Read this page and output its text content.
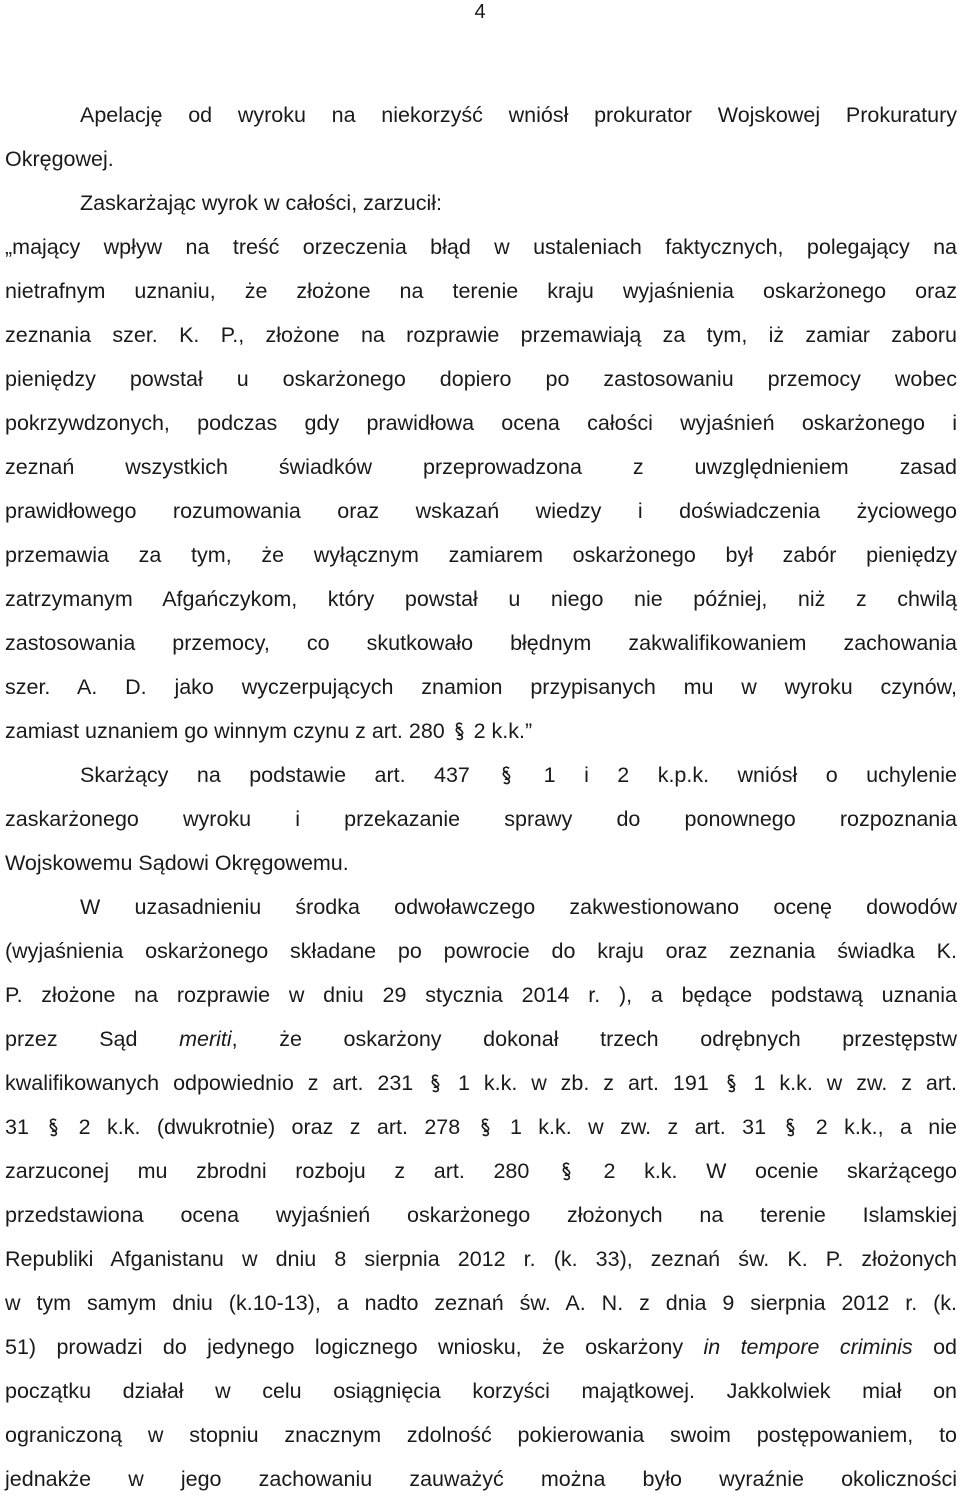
4
Apelację od wyroku na niekorzyść wniósł prokurator Wojskowej Prokuratury
Okręgowej.
Zaskarżając wyrok w całości, zarzucił:
„mający wpływ na treść orzeczenia błąd w ustaleniach faktycznych, polegający na
nietrafnym uznaniu, że złożone na terenie kraju wyjaśnienia oskarżonego oraz
zeznania szer. K. P., złożone na rozprawie przemawiają za tym, iż zamiar zaboru
pieniędzy powstał u oskarżonego dopiero po zastosowaniu przemocy wobec
pokrzywdzonych, podczas gdy prawidłowa ocena całości wyjaśnień oskarżonego i
zeznań wszystkich świadków przeprowadzona z uwzględnieniem zasad
prawidłowego rozumowania oraz wskazań wiedzy i doświadczenia życiowego
przemawia za tym, że wyłącznym zamiarem oskarżonego był zabór pieniędzy
zatrzymanym Afgańczykom, który powstał u niego nie później, niż z chwilą
zastosowania przemocy, co skutkowało błędnym zakwalifikowaniem zachowania
szer. A. D. jako wyczerpujących znamion przypisanych mu w wyroku czynów,
zamiast uznaniem go winnym czynu z art. 280 2 k.k.”
Skarżący na podstawie art. 437	1 i 2 k.p.k. wniósł o uchylenie
zaskarżonego wyroku i przekazanie sprawy do ponownego rozpoznania
Wojskowemu Sądowi Okręgowemu.
W uzasadnieniu środka odwoławczego zakwestionowano ocenę dowodów
(wyjaśnienia oskarżonego składane po powrocie do kraju oraz zeznania świadka K.
P. złożone na rozprawie w dniu 29 stycznia 2014 r. ), a będące podstawą uznania
przez Sąd meriti, że oskarżony dokonał trzech odrębnych przestępstw
kwalifikowanych odpowiednio z art. 231 1 k.k. w zb. z art. 191 1 k.k. w zw. z art.
31 2 k.k. (dwukrotnie) oraz z art. 278 1 k.k. w zw. z art. 31 2 k.k., a nie
zarzuconej mu zbrodni rozboju z art. 280	2 k.k. W ocenie skarżącego
przedstawiona ocena wyjaśnień oskarżonego złożonych na terenie Islamskiej
Republiki Afganistanu w dniu 8 sierpnia 2012 r. (k. 33), zeznań św. K. P. złożonych
w tym samym dniu (k.10-13), a nadto zeznań św. A. N. z dnia 9 sierpnia 2012 r. (k.
51) prowadzi do jedynego logicznego wniosku, że oskarżony in tempore criminis od
początku działał w celu osiągnięcia korzyści majątkowej. Jakkolwiek miał on
ograniczoną w stopniu znacznym zdolność pokierowania swoim postępowaniem, to
jednakże w jego zachowaniu zauważyć można było wyraźnie okoliczności
